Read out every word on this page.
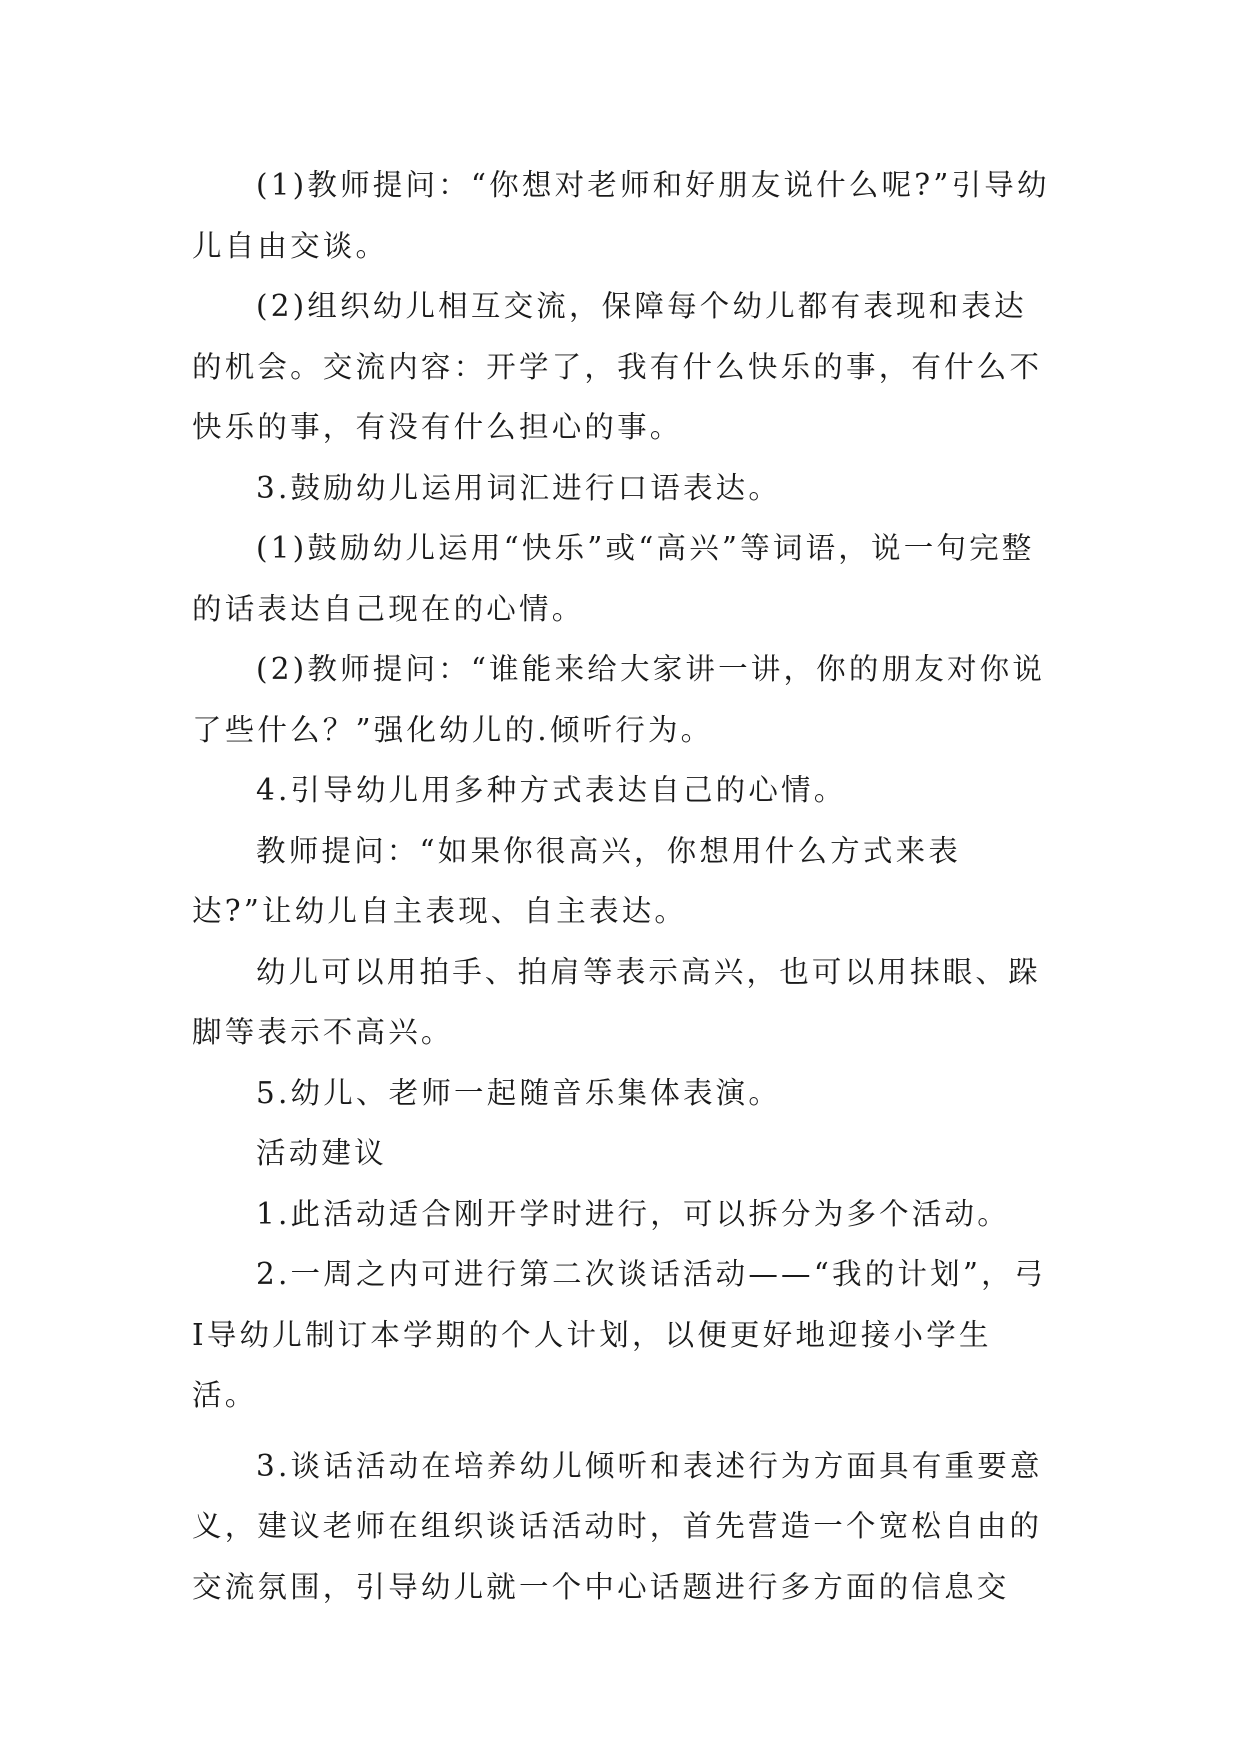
(1)教师提问：“你想对老师和好朋友说什么呢?”引导幼儿自由交谈。

(2)组织幼儿相互交流，保障每个幼儿都有表现和表达的机会。交流内容：开学了，我有什么快乐的事，有什么不快乐的事，有没有什么担心的事。

3.鼓励幼儿运用词汇进行口语表达。

(1)鼓励幼儿运用“快乐”或“高兴”等词语，说一句完整的话表达自己现在的心情。

(2)教师提问：“谁能来给大家讲一讲，你的朋友对你说了些什么？”强化幼儿的.倾听行为。

4.引导幼儿用多种方式表达自己的心情。

教师提问：“如果你很高兴，你想用什么方式来表达?”让幼儿自主表现、自主表达。

幼儿可以用拍手、拍肩等表示高兴，也可以用抹眼、跺脚等表示不高兴。

5.幼儿、老师一起随音乐集体表演。

活动建议

1.此活动适合刚开学时进行，可以拆分为多个活动。

2.一周之内可进行第二次谈话活动——“我的计划”，弓I导幼儿制订本学期的个人计划，以便更好地迎接小学生活。

3.谈话活动在培养幼儿倾听和表述行为方面具有重要意义，建议老师在组织谈话活动时，首先营造一个宽松自由的交流氛围，引导幼儿就一个中心话题进行多方面的信息交
